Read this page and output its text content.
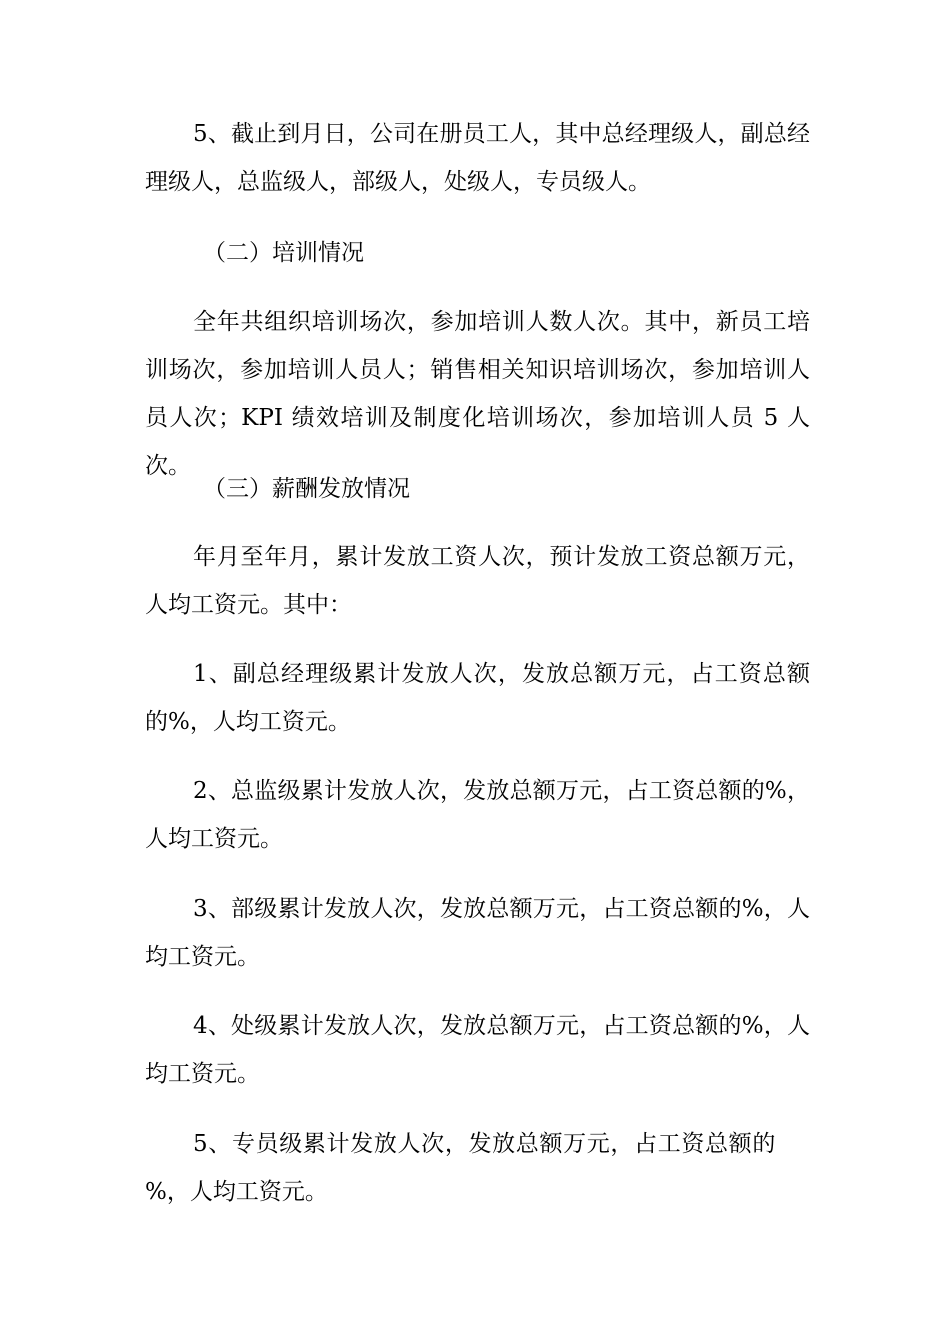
5、截止到月日，公司在册员工人，其中总经理级人，副总经理级人，总监级人，部级人，处级人，专员级人。

（二）培训情况

全年共组织培训场次，参加培训人数人次。其中，新员工培训场次，参加培训人员人；销售相关知识培训场次，参加培训人员人次；KPI 绩效培训及制度化培训场次，参加培训人员 5 人次。

（三）薪酬发放情况

年月至年月，累计发放工资人次，预计发放工资总额万元，人均工资元。其中：

1、副总经理级累计发放人次，发放总额万元，占工资总额的%，人均工资元。

2、总监级累计发放人次，发放总额万元，占工资总额的%，人均工资元。

3、部级累计发放人次，发放总额万元，占工资总额的%，人均工资元。

4、处级累计发放人次，发放总额万元，占工资总额的%，人均工资元。

5、专员级累计发放人次，发放总额万元，占工资总额的%，人均工资元。
